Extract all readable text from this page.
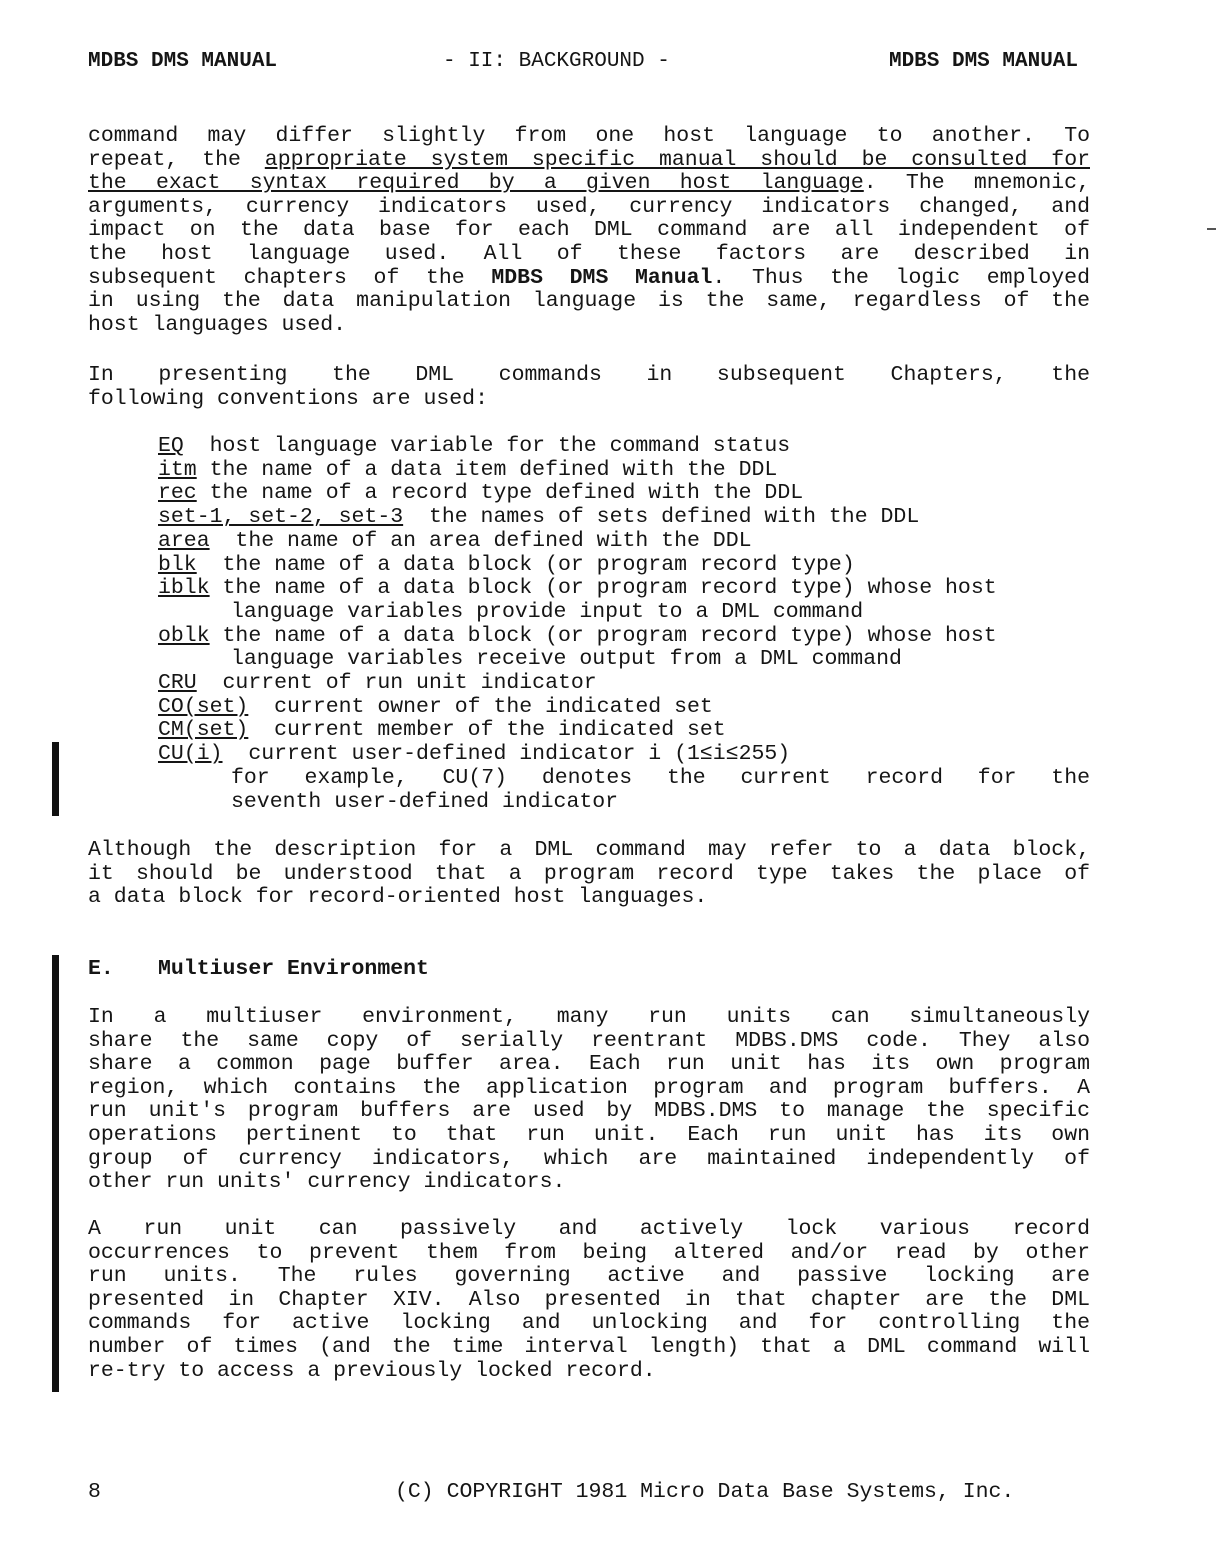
MDBS DMS MANUAL	- II: BACKGROUND -	MDBS DMS MANUAL
command may differ slightly from one host language to another. To
repeat, the appropriate system specific manual should be consulted for
the exact syntax required by a given host language. The mnemonic,
arguments, currency indicators used, currency indicators changed, and
impact on the data base for each DML command are all independent of
the host language used. All of these factors are described in
subsequent chapters of the MDBS DMS Manual. Thus the logic employed
in using the data manipulation language is the same, regardless of the
host languages used.
In presenting the DML commands in subsequent Chapters, the
following conventions are used:
EQ  host language variable for the command status
itm the name of a data item defined with the DDL
rec the name of a record type defined with the DDL
set-1, set-2, set-3  the names of sets defined with the DDL
area  the name of an area defined with the DDL
blk  the name of a data block (or program record type)
iblk the name of a data block (or program record type) whose host
language variables provide input to a DML command
oblk the name of a data block (or program record type) whose host
language variables receive output from a DML command
CRU  current of run unit indicator
CO(set)  current owner of the indicated set
CM(set)  current member of the indicated set
CU(i)  current user-defined indicator i (1≤i≤255)
for example, CU(7) denotes the current record for the
seventh user-defined indicator
Although the description for a DML command may refer to a data block,
it should be understood that a program record type takes the place of
a data block for record-oriented host languages.
E. Multiuser Environment
In a multiuser environment, many run units can simultaneously
share the same copy of serially reentrant MDBS.DMS code. They also
share a common page buffer area. Each run unit has its own program
region, which contains the application program and program buffers. A
run unit's program buffers are used by MDBS.DMS to manage the specific
operations pertinent to that run unit. Each run unit has its own
group of currency indicators, which are maintained independently of
other run units' currency indicators.
A run unit can passively and actively lock various record
occurrences to prevent them from being altered and/or read by other
run units. The rules governing active and passive locking are
presented in Chapter XIV. Also presented in that chapter are the DML
commands for active locking and unlocking and for controlling the
number of times (and the time interval length) that a DML command will
re-try to access a previously locked record.
8	(C) COPYRIGHT 1981 Micro Data Base Systems, Inc.
